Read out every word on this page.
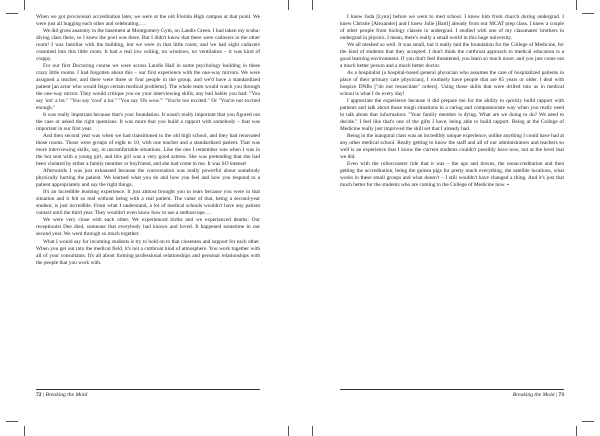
When we got provisional accreditation later, we were at the old Florida High campus at that point. We were just all hugging each other and celebrating….

We did gross anatomy in the basement at Montgomery Gym, on Landis Green. I had taken my scuba-diving class there, so I knew the pool was there. But I didn't know that there were cadavers in the other room! I was familiar with the building, but we were in that little room, and we had eight cadavers crammed into this little room. It had a real low ceiling, no windows, no ventilation – it was kind of crappy.

For our first Doctoring course we were across Landis Hall in some psychology building in these crazy little rooms. I had forgotten about this – our first experience with the one-way mirrors. We were assigned a teacher, and there were three or four people in the group, and we'd have a standardized patient [an actor who would feign certain medical problems]. The whole team would watch you through the one-way mirror. They would critique you on your interviewing skills, any bad habits you had: "You say 'um' a lot." "You say 'cool' a lot." "You say 'Oh wow.'" "You're too excited." Or "You're not excited enough."

It was really important because that's your foundation. It wasn't really important that you figured out the case or asked the right questions. It was more that you build a rapport with somebody – that was important in our first year.

And then second year was when we had transitioned to the old high school, and they had renovated those rooms. Those were groups of eight to 10, with one teacher and a standardized patient. That was more interviewing skills, say, in uncomfortable situations. Like the one I remember was when I was in the hot seat with a young girl, and this girl was a very good actress. She was pretending that she had been violated by either a family member or boyfriend, and she had come to me. It was SO intense!

Afterwards I was just exhausted because the conversation was really powerful about somebody physically hurting the patient. We learned what you do and how you feel and how you respond to a patient appropriately and say the right things.

It's an incredible learning experience. It just almost brought you to tears because you were in that situation and it felt so real without being with a real patient. The value of that, being a second-year student, is just incredible. From what I understand, a lot of medical schools wouldn't have any patient contact until the third year. They wouldn't even know how to use a stethoscope….

We were very close with each other. We experienced births and we experienced deaths: Our receptionist Dee died, someone that everybody had known and loved. It happened sometime in our second year. We went through so much together.

What I would say for incoming students is try to hold on to that closeness and support for each other. When you get out into the medical field, it's not a cutthroat kind of atmosphere. You work together with all of your consultants. It's all about forming professional relationships and personal relationships with the people that you work with.

72 | Breaking the Mold

I knew Joda [Lynn] before we went to med school. I knew him from church during undergrad. I knew Christie [Alexander] and I knew Julie [Bartl] already from our MCAT prep class. I knew a couple of other people from biology classes in undergrad. I studied with one of my classmates' brothers in undergrad in physics. I mean, there's really a small world in this huge university.

We all meshed so well. It was small, but it really laid the foundation for the College of Medicine, for the kind of students that they accepted. I don't think the cutthroat approach to medical education is a good learning environment. If you don't feel threatened, you learn so much more, and you just come out a much better person and a much better doctor.

As a hospitalist [a hospital-based general physician who assumes the care of hospitalized patients in place of their primary care physician], I routinely have people that are 85 years or older. I deal with hospice DNRs ["do not resuscitate" orders]. Using those skills that were drilled into us in medical school is what I do every day!

I appreciate the experience because it did prepare me for the ability to quickly build rapport with patients and talk about those tough situations in a caring and compassionate way when you really need to talk about that information: "Your family member is dying. What are we doing to do? We need to decide." I feel like that's one of the gifts I have, being able to build rapport. Being at the College of Medicine really just improved the skill set that I already had.

Being in the inaugural class was an incredibly unique experience, unlike anything I could have had at any other medical school. Really getting to know the staff and all of our administrators and teachers so well is an experience that I know the current students couldn't possibly have now, not at the level that we did.

Even with the rollercoaster ride that it was – the ups and downs, the nonaccreditation and then getting the accreditation, being the guinea pigs for pretty much everything, the satellite locations, what works in these small groups and what doesn't – I still wouldn't have changed a thing. And it's just that much better for the students who are coming to the College of Medicine now. ▪

Breaking the Mold | 73
